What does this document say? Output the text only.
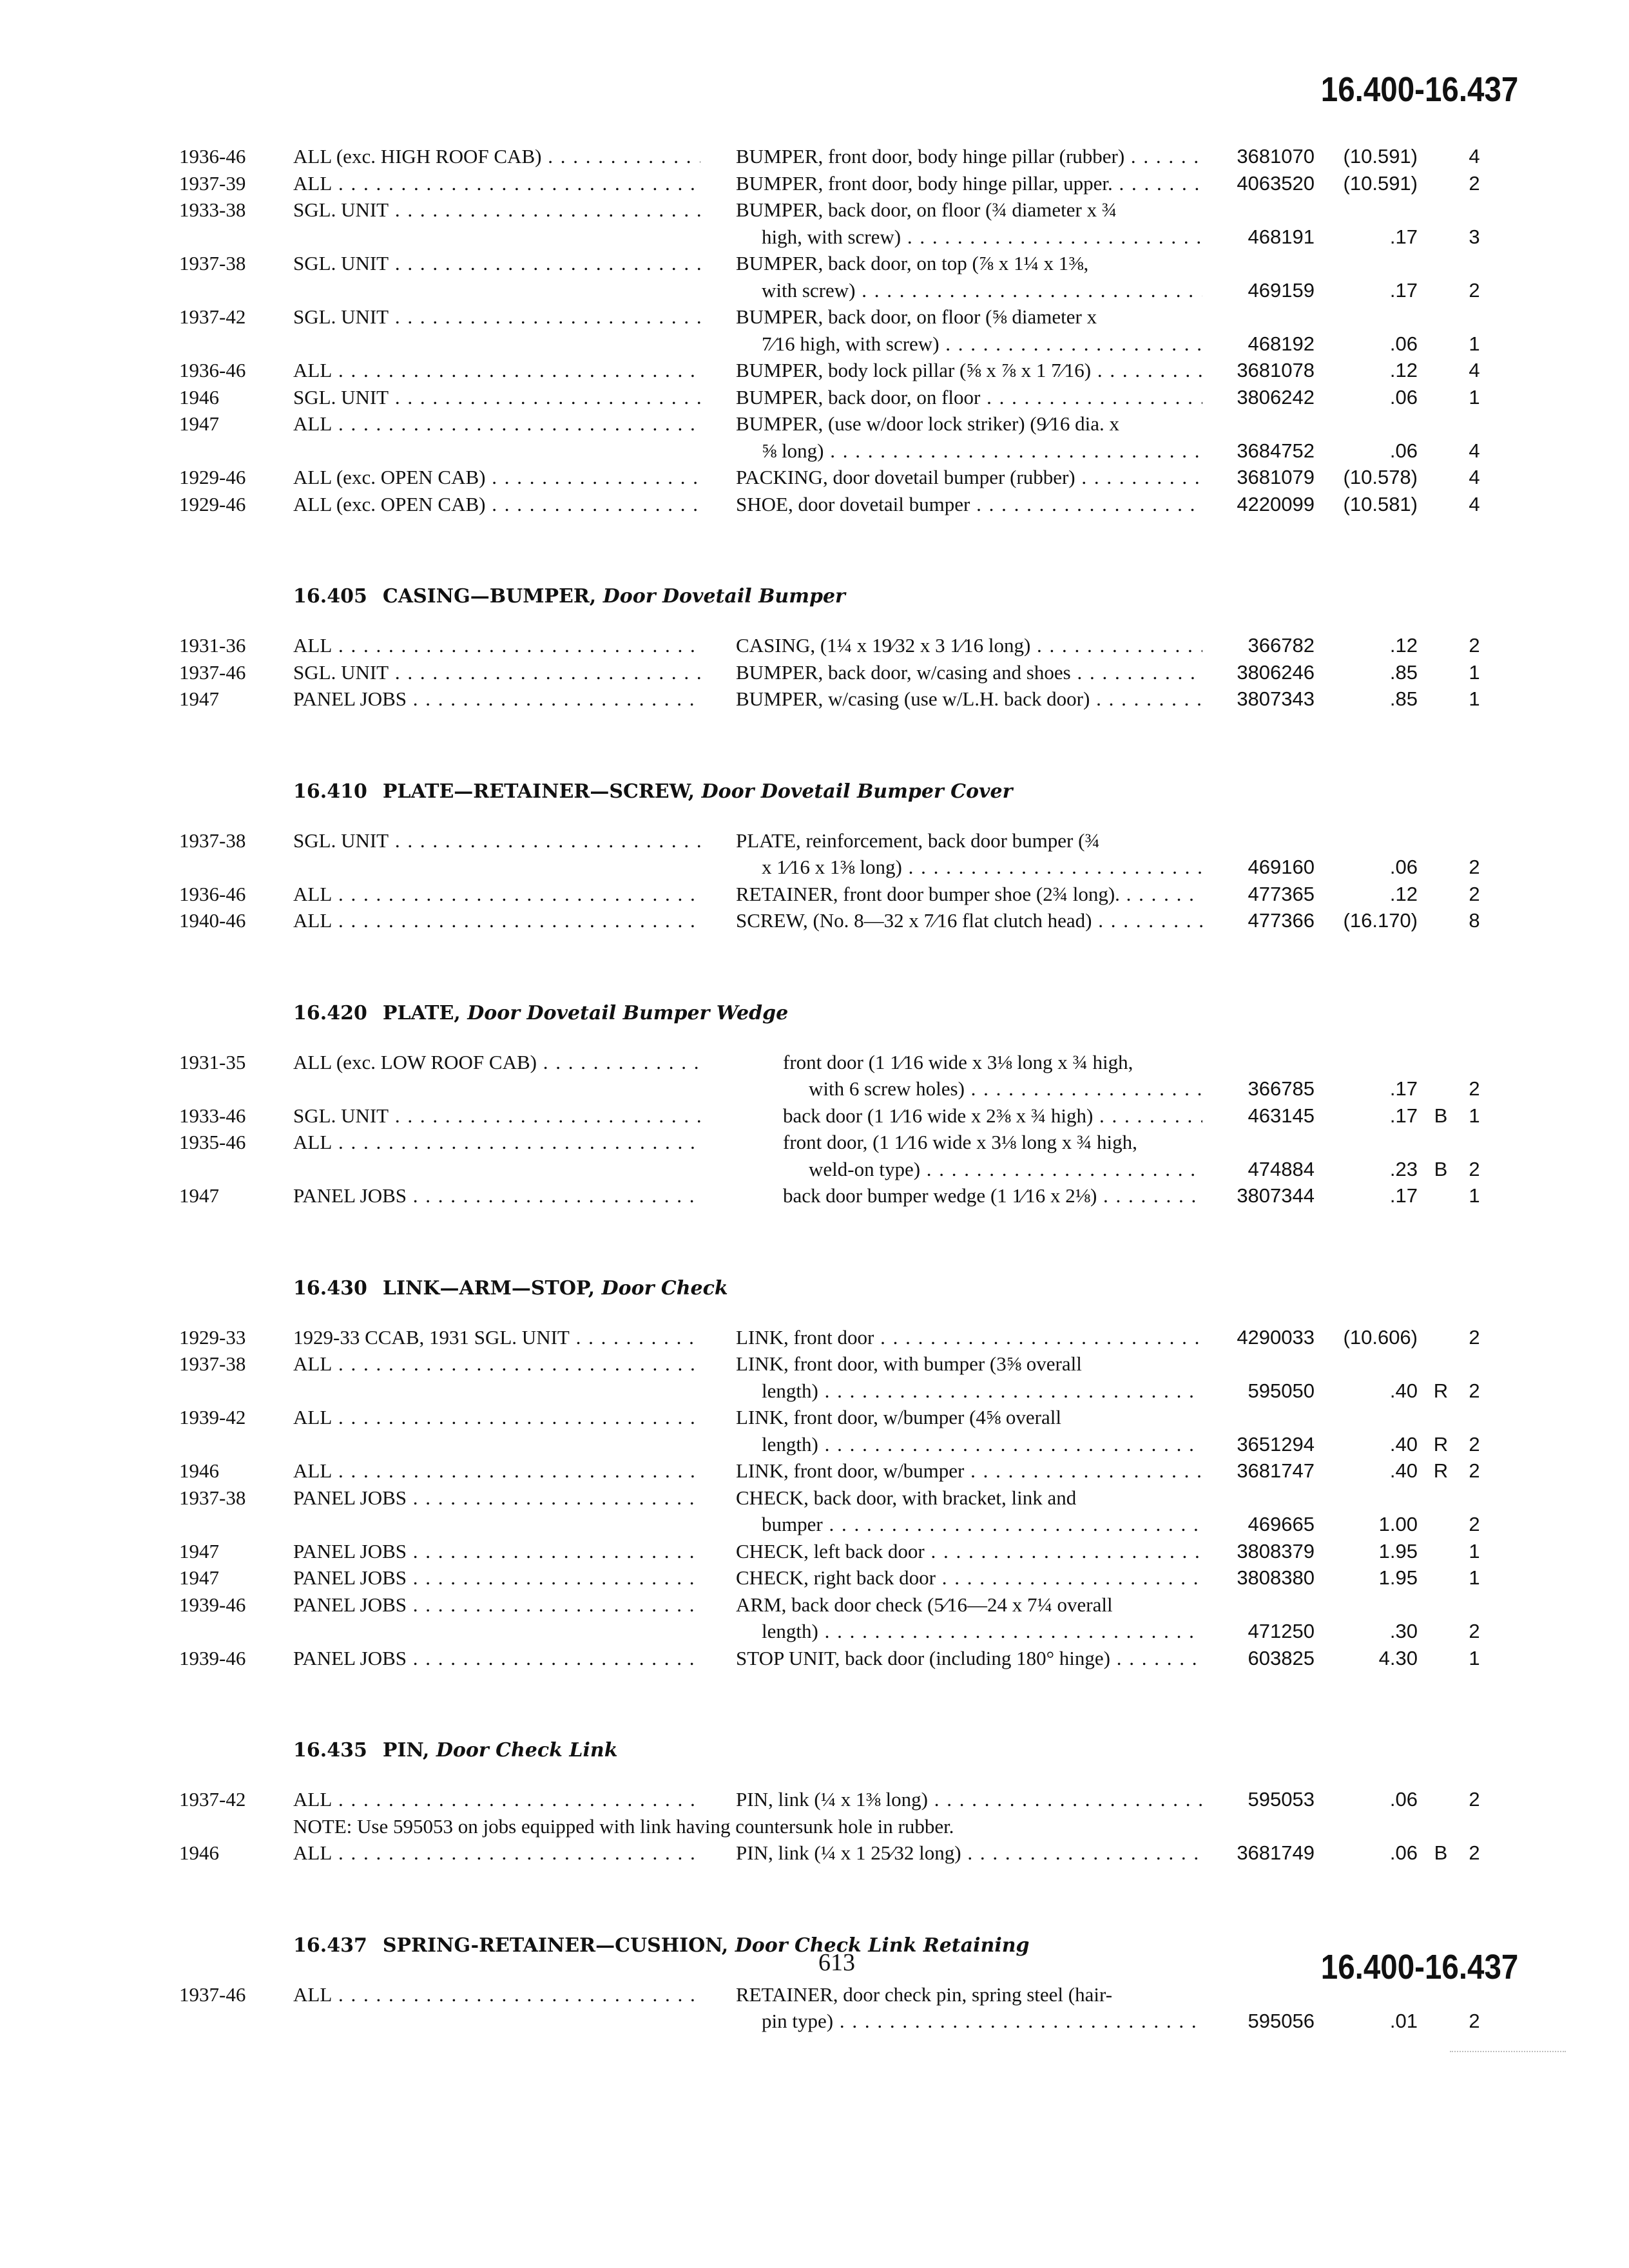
16.400-16.437
1936-46 ALL (exc. HIGH ROOF CAB) . . .	BUMPER, front door, body hinge pillar (rubber) . . .	3681070	(10.591)	4
1937-39 ALL . . .	BUMPER, front door, body hinge pillar, upper. . . .	4063520	(10.591)	2
1933-38 SGL. UNIT . . .	BUMPER, back door, on floor (¾ diameter x ¾
high, with screw) . . .	468191	.17	3
1937-38 SGL. UNIT . . .	BUMPER, back door, on top (⅞ x 1¼ x 1⅜,
with screw) . . .	469159	.17	2
1937-42 SGL. UNIT . . .	BUMPER, back door, on floor (⅝ diameter x
7⁄16 high, with screw) . . .	468192	.06	1
1936-46 ALL . . .	BUMPER, body lock pillar (⅝ x ⅞ x 1 7⁄16) . . .	3681078	.12	4
1946	SGL. UNIT . . .	BUMPER, back door, on floor . . .	3806242	.06	1
1947	ALL . . .	BUMPER, (use w/door lock striker) (9⁄16 dia. x
⅝ long) . . .	3684752	.06	4
1929-46 ALL (exc. OPEN CAB) . . .	PACKING, door dovetail bumper (rubber) . . .	3681079	(10.578)	4
1929-46 ALL (exc. OPEN CAB) . . .	SHOE, door dovetail bumper . . .	4220099	(10.581)	4
16.405 CASING—BUMPER, Door Dovetail Bumper
1931-36 ALL . . .	CASING, (1¼ x 19⁄32 x 3 1⁄16 long) . . .	366782	.12	2
1937-46 SGL. UNIT . . .	BUMPER, back door, w/casing and shoes . . .	3806246	.85	1
1947	PANEL JOBS . . .	BUMPER, w/casing (use w/L.H. back door) . . .	3807343	.85	1
16.410 PLATE—RETAINER—SCREW, Door Dovetail Bumper Cover
1937-38 SGL. UNIT . . .	PLATE, reinforcement, back door bumper (¾
x 1⁄16 x 1⅜ long) . . .	469160	.06	2
1936-46 ALL . . .	RETAINER, front door bumper shoe (2¾ long). . . .	477365	.12	2
1940-46 ALL . . .	SCREW, (No. 8—32 x 7⁄16 flat clutch head) . . .	477366	(16.170)	8
16.420 PLATE, Door Dovetail Bumper Wedge
1931-35 ALL (exc. LOW ROOF CAB) . . .	front door (1 1⁄16 wide x 3⅛ long x ¾ high,
with 6 screw holes) . . .	366785	.17	2
1933-46 SGL. UNIT . . .	back door (1 1⁄16 wide x 2⅜ x ¾ high) . . .	463145	.17 B	1
1935-46 ALL . . .	front door, (1 1⁄16 wide x 3⅛ long x ¾ high,
weld-on type) . . .	474884	.23 B	2
1947	PANEL JOBS . . .	back door bumper wedge (1 1⁄16 x 2⅛) . . .	3807344	.17	1
16.430 LINK—ARM—STOP, Door Check
1929-33 1929-33 CCAB, 1931 SGL. UNIT . . .	LINK, front door . . .	4290033	(10.606)	2
1937-38 ALL . . .	LINK, front door, with bumper (3⅝ overall
length) . . .	595050	.40 R	2
1939-42 ALL . . .	LINK, front door, w/bumper (4⅝ overall
length) . . .	3651294	.40 R	2
1946	ALL . . .	LINK, front door, w/bumper . . .	3681747	.40 R	2
1937-38 PANEL JOBS . . .	CHECK, back door, with bracket, link and
bumper . . .	469665	1.00	2
1947	PANEL JOBS . . .	CHECK, left back door . . .	3808379	1.95	1
1947	PANEL JOBS . . .	CHECK, right back door . . .	3808380	1.95	1
1939-46 PANEL JOBS . . .	ARM, back door check (5⁄16—24 x 7¼ overall
length) . . .	471250	.30	2
1939-46 PANEL JOBS . . .	STOP UNIT, back door (including 180° hinge) . . .	603825	4.30	1
16.435 PIN, Door Check Link
1937-42 ALL . . .	PIN, link (¼ x 1⅜ long) . . .	595053	.06	2
NOTE: Use 595053 on jobs equipped with link having countersunk hole in rubber.
1946	ALL . . .	PIN, link (¼ x 1 25⁄32 long) . . .	3681749	.06 B	2
16.437 SPRING-RETAINER—CUSHION, Door Check Link Retaining
1937-46 ALL . . .	RETAINER, door check pin, spring steel (hair-
pin type) . . .	595056	.01	2
613	16.400-16.437
